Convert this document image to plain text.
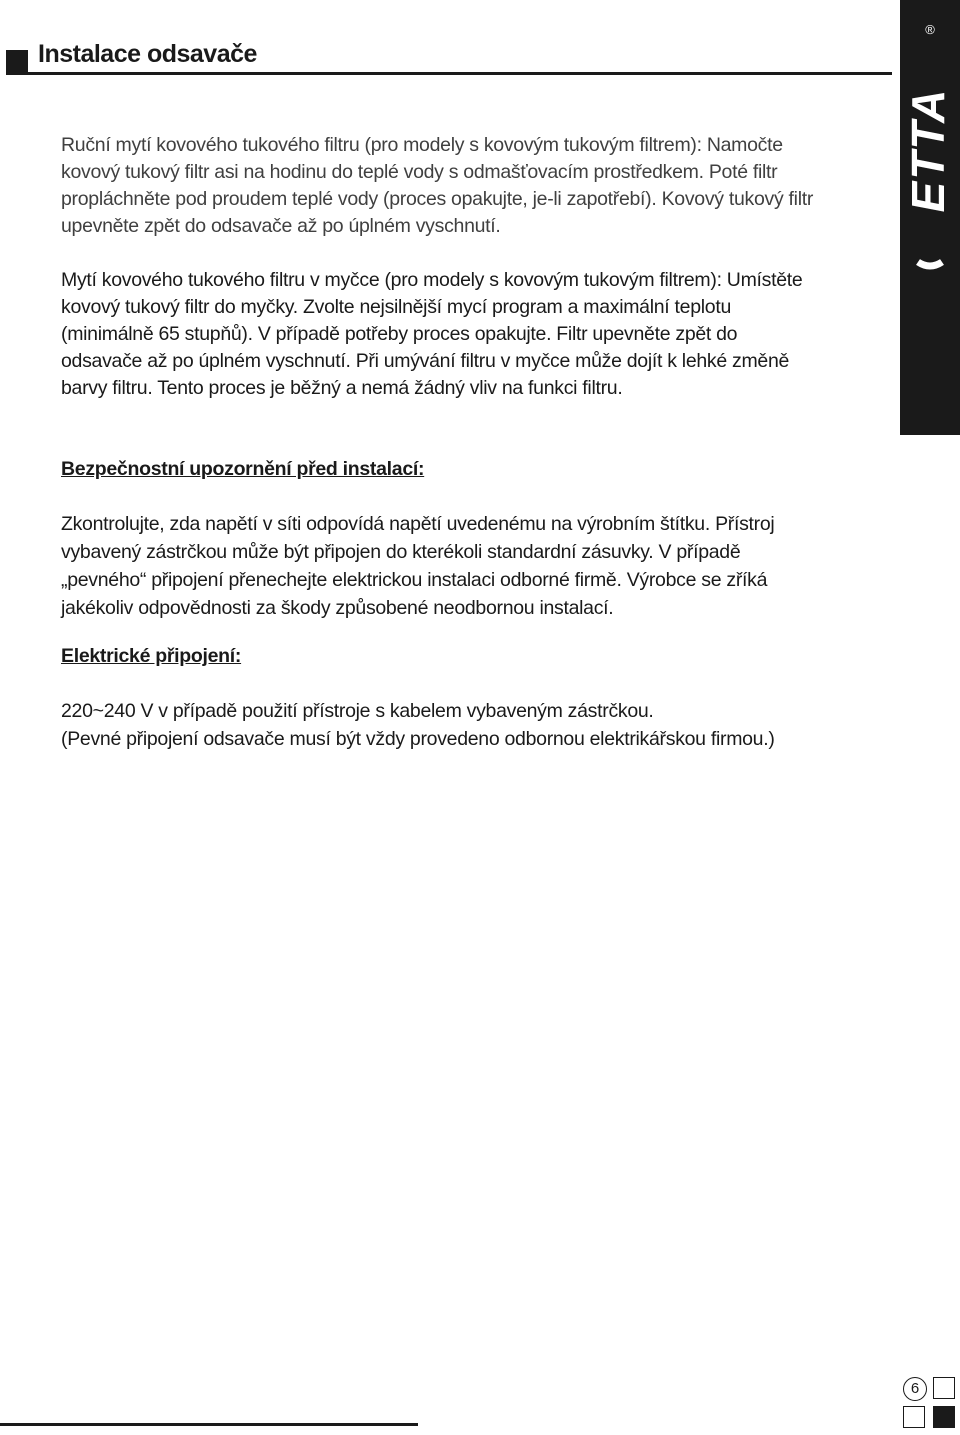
Instalace odsavače
ETTA
®

Ruční mytí kovového tukového filtru (pro modely s kovovým tukovým filtrem): Namočte kovový tukový filtr asi na hodinu do teplé vody s odmašťovacím prostředkem. Poté filtr propláchněte pod proudem teplé vody (proces opakujte, je-li zapotřebí). Kovový tukový filtr upevněte zpět do odsavače až po úplném vyschnutí.

Mytí kovového tukového filtru v myčce (pro modely s kovovým tukovým filtrem): Umístěte kovový tukový filtr do myčky. Zvolte nejsilnější mycí program a maximální teplotu (minimálně 65 stupňů). V případě potřeby proces opakujte. Filtr upevněte zpět do odsavače až po úplném vyschnutí. Při umývání filtru v myčce může dojít k lehké změně barvy filtru. Tento proces je běžný a nemá žádný vliv na funkci filtru.

Bezpečnostní upozornění před instalací:

Zkontrolujte, zda napětí v síti odpovídá napětí uvedenému na výrobním štítku. Přístroj vybavený zástrčkou může být připojen do kterékoli standardní zásuvky. V případě „pevného“ připojení přenechejte elektrickou instalaci odborné firmě. Výrobce se zříká jakékoliv odpovědnosti za škody způsobené neodbornou instalací.

Elektrické připojení:

220~240 V v případě použití přístroje s kabelem vybaveným zástrčkou.

(Pevné připojení odsavače musí být vždy provedeno odbornou elektrikářskou firmou.)

6
